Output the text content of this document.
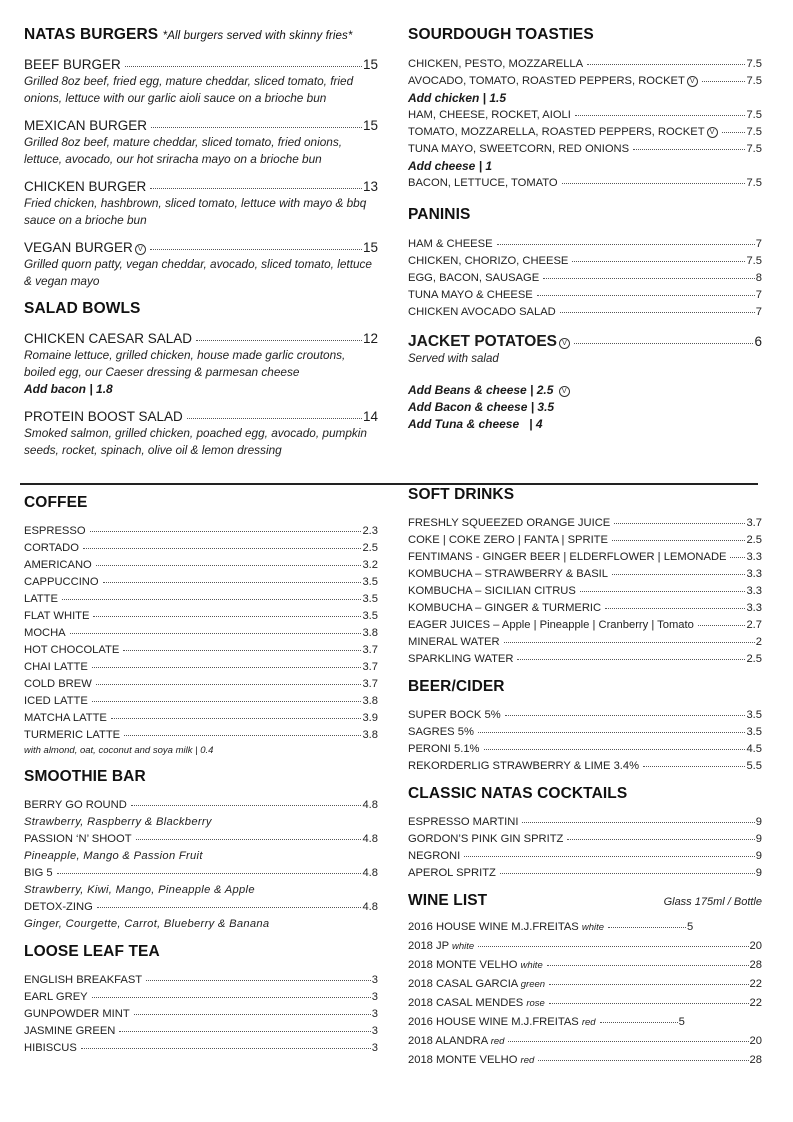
NATAS BURGERS *All burgers served with skinny fries*
BEEF BURGER	15
Grilled 8oz beef, fried egg, mature cheddar, sliced tomato, fried onions, lettuce with our garlic aioli sauce on a brioche bun
MEXICAN BURGER	15
Grilled 8oz beef, mature cheddar, sliced tomato, fried onions, lettuce, avocado, our hot sriracha mayo on a brioche bun
CHICKEN BURGER	13
Fried chicken, hashbrown, sliced tomato, lettuce with mayo & bbq sauce on a brioche bun
VEGAN BURGER V	15
Grilled quorn patty, vegan cheddar, avocado, sliced tomato, lettuce & vegan mayo
SALAD BOWLS
CHICKEN CAESAR SALAD	12
Romaine lettuce, grilled chicken, house made garlic croutons, boiled egg, our Caeser dressing & parmesan cheese
Add bacon | 1.8
PROTEIN BOOST SALAD	14
Smoked salmon, grilled chicken, poached egg, avocado, pumpkin seeds, rocket, spinach, olive oil & lemon dressing
SOURDOUGH TOASTIES
CHICKEN, PESTO, MOZZARELLA	7.5
AVOCADO, TOMATO, ROASTED PEPPERS, ROCKET V	7.5
Add chicken | 1.5
HAM, CHEESE, ROCKET, AIOLI	7.5
TOMATO, MOZZARELLA, ROASTED PEPPERS, ROCKET V	7.5
TUNA MAYO, SWEETCORN, RED ONIONS	7.5
Add cheese | 1
BACON, LETTUCE, TOMATO	7.5
PANINIS
HAM & CHEESE	7
CHICKEN, CHORIZO, CHEESE	7.5
EGG, BACON, SAUSAGE	8
TUNA MAYO & CHEESE	7
CHICKEN AVOCADO SALAD	7
JACKET POTATOES V	6
Served with salad
Add Beans & cheese | 2.5 V
Add Bacon & cheese | 3.5
Add Tuna & cheese   | 4
COFFEE
ESPRESSO	2.3
CORTADO	2.5
AMERICANO	3.2
CAPPUCCINO	3.5
LATTE	3.5
FLAT WHITE	3.5
MOCHA	3.8
HOT CHOCOLATE	3.7
CHAI LATTE	3.7
COLD BREW	3.7
ICED LATTE	3.8
MATCHA LATTE	3.9
TURMERIC LATTE	3.8
with almond, oat, coconut and soya milk | 0.4
SMOOTHIE BAR
BERRY GO ROUND	4.8
Strawberry, Raspberry & Blackberry
PASSION ‘N’ SHOOT	4.8
Pineapple, Mango & Passion Fruit
BIG 5	4.8
Strawberry, Kiwi, Mango, Pineapple & Apple
DETOX-ZING	4.8
Ginger, Courgette, Carrot, Blueberry & Banana
LOOSE LEAF TEA
ENGLISH BREAKFAST	3
EARL GREY	3
GUNPOWDER MINT	3
JASMINE GREEN	3
HIBISCUS	3
SOFT DRINKS
FRESHLY SQUEEZED ORANGE JUICE	3.7
COKE | COKE ZERO | FANTA | SPRITE	2.5
FENTIMANS - GINGER BEER | ELDERFLOWER | LEMONADE 3.3
KOMBUCHA – STRAWBERRY & BASIL	3.3
KOMBUCHA – SICILIAN CITRUS	3.3
KOMBUCHA – GINGER & TURMERIC	3.3
EAGER JUICES – Apple | Pineapple | Cranberry | Tomato	2.7
MINERAL WATER	2
SPARKLING WATER	2.5
BEER/CIDER
SUPER BOCK 5%	3.5
SAGRES 5%	3.5
PERONI 5.1%	4.5
REKORDERLIG STRAWBERRY & LIME 3.4%	5.5
CLASSIC NATAS COCKTAILS
ESPRESSO MARTINI	9
GORDON’S PINK GIN SPRITZ	9
NEGRONI	9
APEROL SPRITZ	9
WINE LIST	Glass 175ml / Bottle
2016 HOUSE WINE M.J.FREITAS white	5
2018 JP white	20
2018 MONTE VELHO white	28
2018 CASAL GARCIA green	22
2018 CASAL MENDES rose	22
2016 HOUSE WINE M.J.FREITAS red	5
2018 ALANDRA red	20
2018 MONTE VELHO red	28
